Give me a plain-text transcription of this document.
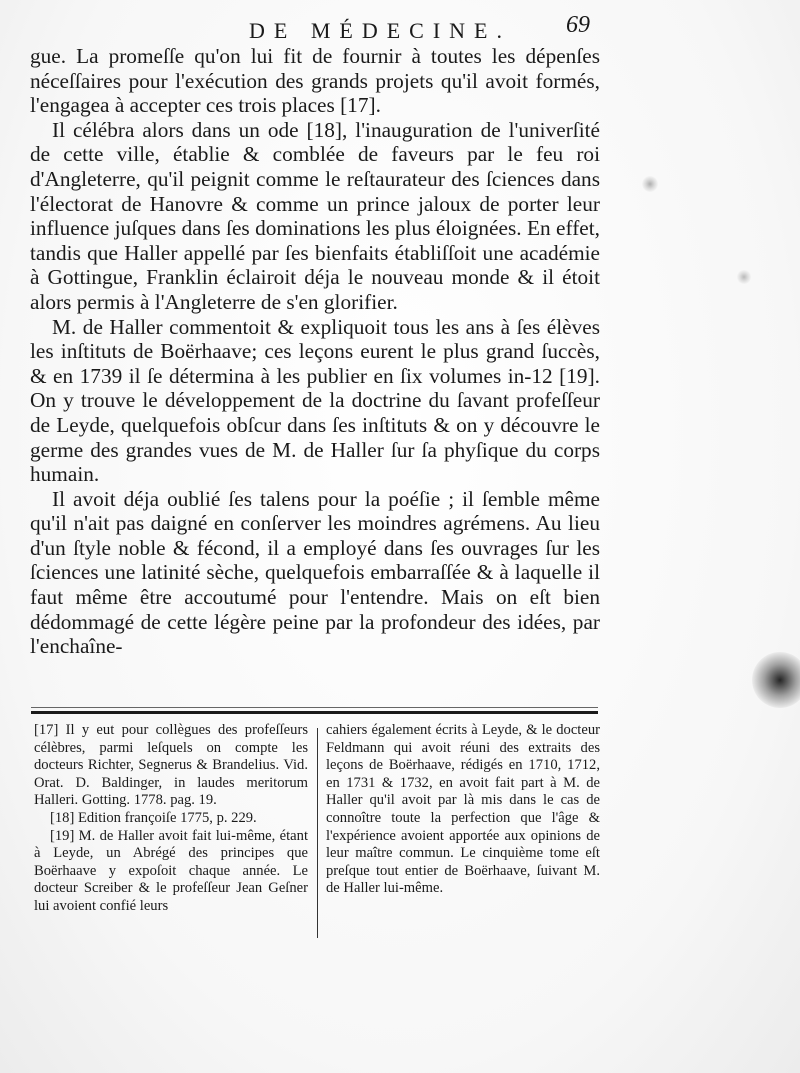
DE MÉDECINE.	69

gue. La promeſſe qu'on lui fit de fournir à toutes les dépenſes néceſſaires pour l'exécution des grands projets qu'il avoit formés, l'engagea à accepter ces trois places [17].

Il célébra alors dans un ode [18], l'inauguration de l'univerſité de cette ville, établie & comblée de faveurs par le feu roi d'Angleterre, qu'il peignit comme le reſtaurateur des ſciences dans l'électorat de Hanovre & comme un prince jaloux de porter leur influence juſques dans ſes dominations les plus éloignées. En effet, tandis que Haller appellé par ſes bienfaits établiſſoit une académie à Gottingue, Franklin éclairoit déja le nouveau monde & il étoit alors permis à l'Angleterre de s'en glorifier.

M. de Haller commentoit & expliquoit tous les ans à ſes élèves les inſtituts de Boërhaave; ces leçons eurent le plus grand ſuccès, & en 1739 il ſe détermina à les publier en ſix volumes in-12 [19]. On y trouve le développement de la doctrine du ſavant profeſſeur de Leyde, quelquefois obſcur dans ſes inſtituts & on y découvre le germe des grandes vues de M. de Haller ſur ſa phyſique du corps humain.

Il avoit déja oublié ſes talens pour la poéſie ; il ſemble même qu'il n'ait pas daigné en conſerver les moindres agrémens. Au lieu d'un ſtyle noble & fécond, il a employé dans ſes ouvrages ſur les ſciences une latinité sèche, quelquefois embarraſſée & à laquelle il faut même être accoutumé pour l'entendre. Mais on eſt bien dédommagé de cette légère peine par la profondeur des idées, par l'enchaîne-

[17] Il y eut pour collègues des profeſſeurs célèbres, parmi leſquels on compte les docteurs Richter, Segnerus & Brandelius. Vid. Orat. D. Baldinger, in laudes meritorum Halleri. Gotting. 1778. pag. 19.

[18] Edition françoiſe 1775, p. 229.

[19] M. de Haller avoit fait lui-même, étant à Leyde, un Abrégé des principes que Boërhaave y expoſoit chaque année. Le docteur Screiber & le profeſſeur Jean Geſner lui avoient confié leurs

cahiers également écrits à Leyde, & le docteur Feldmann qui avoit réuni des extraits des leçons de Boërhaave, rédigés en 1710, 1712, en 1731 & 1732, en avoit fait part à M. de Haller qu'il avoit par là mis dans le cas de connoître toute la perfection que l'âge & l'expérience avoient apportée aux opinions de leur maître commun. Le cinquième tome eſt preſque tout entier de Boërhaave, ſuivant M. de Haller lui-même.
